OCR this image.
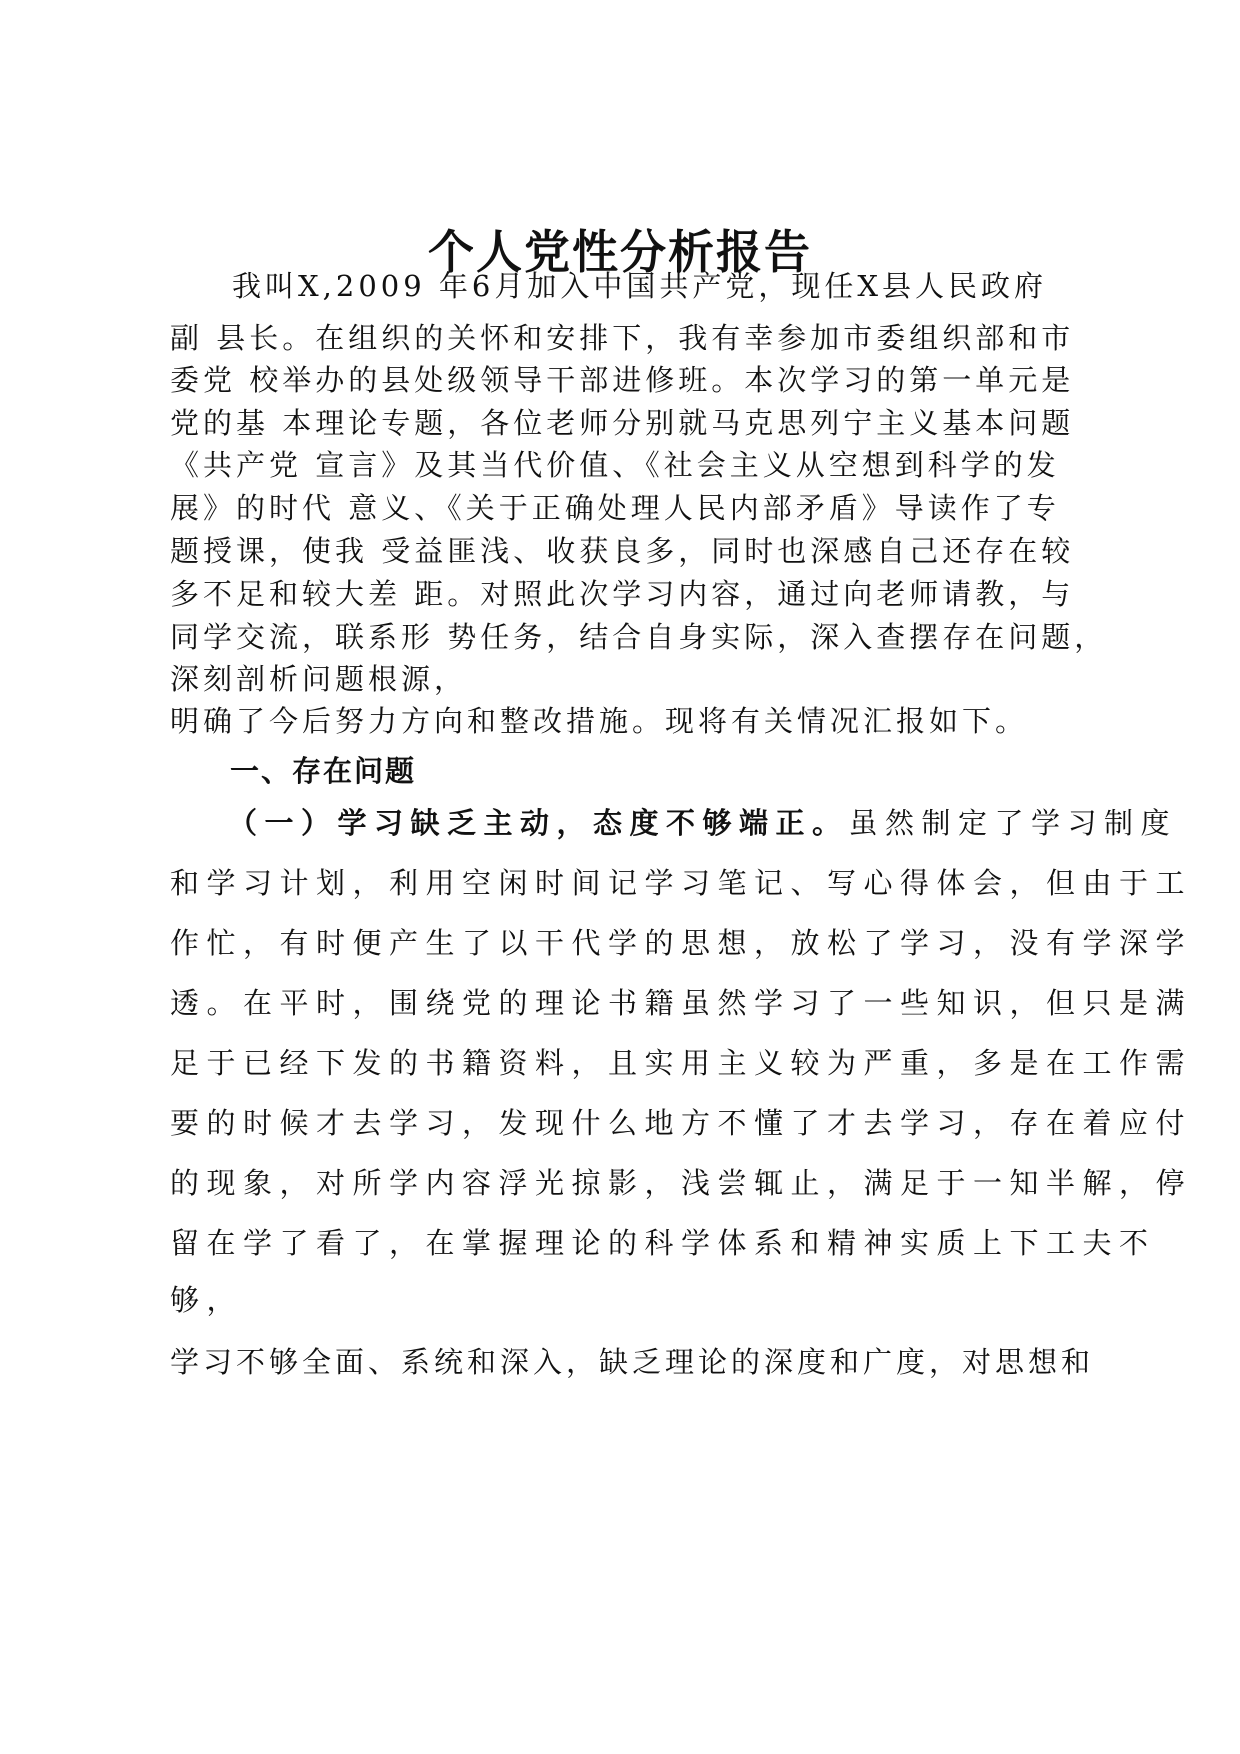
个人党性分析报告

我叫X,2009 年6月加入中国共产党，现任X县人民政府

副 县长。在组织的关怀和安排下，我有幸参加市委组织部和市

委党 校举办的县处级领导干部进修班。本次学习的第一单元是

党的基 本理论专题，各位老师分别就马克思列宁主义基本问题

《共产党 宣言》及其当代价值、《社会主义从空想到科学的发

展》的时代 意义、《关于正确处理人民内部矛盾》导读作了专

题授课，使我 受益匪浅、收获良多，同时也深感自己还存在较

多不足和较大差 距。对照此次学习内容，通过向老师请教，与

同学交流，联系形 势任务，结合自身实际，深入查摆存在问题，

深刻剖析问题根源，

明确了今后努力方向和整改措施。现将有关情况汇报如下。

一、存在问题

（一）学习缺乏主动，态度不够端正。虽然制定了学习制度

和学习计划，利用空闲时间记学习笔记、写心得体会，但由于工

作忙，有时便产生了以干代学的思想，放松了学习，没有学深学

透。在平时，围绕党的理论书籍虽然学习了一些知识，但只是满

足于已经下发的书籍资料，且实用主义较为严重，多是在工作需

要的时候才去学习，发现什么地方不懂了才去学习，存在着应付

的现象，对所学内容浮光掠影，浅尝辄止，满足于一知半解，停

留在学了看了，在掌握理论的科学体系和精神实质上下工夫不

够，

学习不够全面、系统和深入，缺乏理论的深度和广度，对思想和
